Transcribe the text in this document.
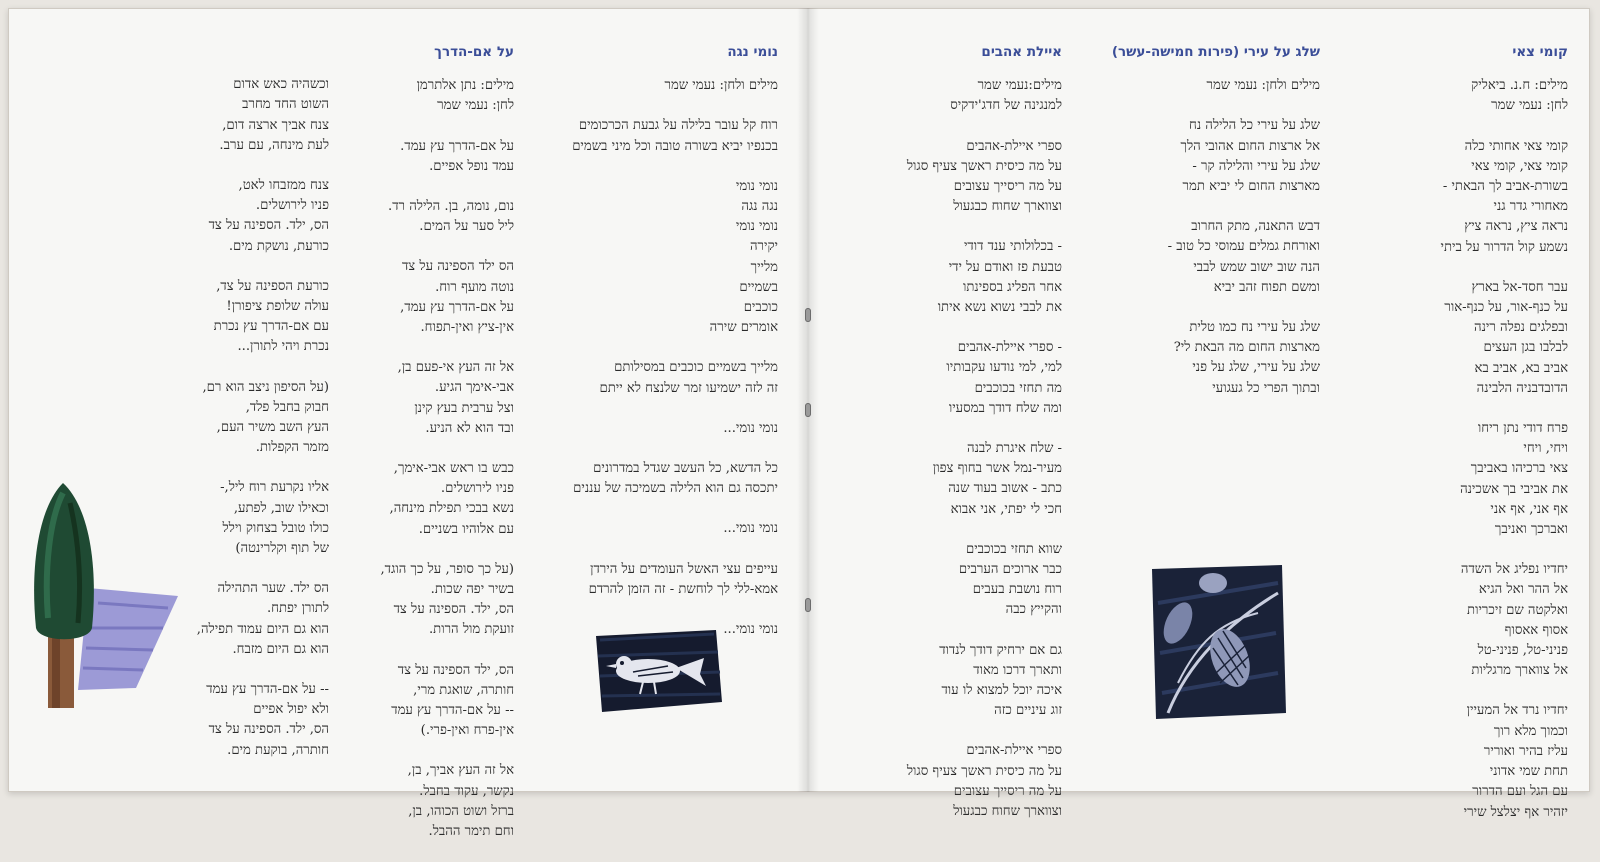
על אם-הדרך
מילים: נתן אלתרמן
לחן: נעמי שמר
על אם-הדרך עץ עמד.
עמד נופל אפיים.
נום, נומה, בן. הלילה רד.
ליל סער על המים.
הס ילד הספינה על צד
נוטה מועף רוח.
על אם-הדרך עץ עמד,
אין-ציץ ואין-תפוח.
אל זה העץ אי-פעם בן,
אבי-אימך הגיע.
וצל ערבית בעץ קינן
ובד הוא לא הניע.
כבש בו ראש אבי-אימך,
פניו לירושלים.
נשא בבכי תפילת מינחה,
עם אלוהיו בשניים.
(על כך סופר, על כך הוגד,
בשיר יפה שכות.
הס, ילד. הספינה על צד
זועקת מול הרות.
הס, ילד הספינה על צד
חותרה, שואגת מרי,
-- על אם-הדרך עץ עמד
אין-פרח ואין-פרי.)
אל זה העץ אביך, בן,
נקשר, עקוד בחבל.
ברזל ושוט הכוהו, בן,
וחם תימר ההבל.
וכשהיה כאש אדום
השוט החד מחרב
צנח אביך ארצה דום,
לעת מינחה, עם ערב.
צנח ממזבחו לאט,
פניו לירושלים.
הס, ילד. הספינה על צד
כורעת, נושקת מים.
כורעת הספינה על צד,
עולה שלופת ציפורן!
עם אם-הדרך עץ נכרת
נכרת ויהי לתורן...
(על הסיפון ניצב הוא רם,
חבוק בחבל פלד,
העץ השב משיר העם,
מזמר הקפלות.
אליו נקרעת רוח ליל,-
וכאילו שוב, לפתע,
כולו טובל בצחוק וילל
של תוף וקלרינטה)
הס ילד. שער התהילה
לתורן יפתח.
הוא גם היום עמוד תפילה,
הוא גם היום מזבח.
-- על אם-הדרך עץ עמד
ולא יפול אפיים
הס, ילד. הספינה על צד
חותרה, בוקעת מים.
נומי נגה
מילים ולחן: נעמי שמר
רוח קל עובר בלילה על גבעת הכרכומים
בכנפיו יביא בשורה טובה וכל מיני בשמים
נומי נומי
נגה נגה
נומי נומי
יקירה
מלייך
בשמיים
כוכבים
אומרים שירה
מלייך בשמיים כוכבים במסילותם
זה לזה ישמיעו זמר שלנצח לא ייתם
נומי נומי...
כל הדשא, כל העשב שגדל במדרונים
יתכסה גם הוא הלילה בשמיכה של עננים
נומי נומי...
עייפים עצי האשל העומדים על הירדן
אמא-ללי לך לוחשת - זה הזמן להרדם
נומי נומי...
איילת אהבים
מילים:נעמי שמר
למנגינה של חדג'ידקיס
ספרי איילת-אהבים
על מה כיסית ראשך צעיף סגול
על מה ריסייך עצובים
וצווארך שחוח כבגעול
- בכלולותי ענד דודי
טבעת פז ואודם על ידי
אחר הפליג בספינתו
את לבבי נשוא נשא איתו
- ספרי איילת-אהבים
למי, למי נודעו עקבותיו
מה תחזי בכוכבים
ומה שלח דודך במסעיו
- שלח איגרת לבנה
מעיר-נמל אשר בחוף צפון
כתב - אשוב בעוד שנה
חכי לי יפתי, אני אבוא
שווא תחזי בכוכבים
כבר ארוכים הערבים
רוח נושבת בעבים
והקייץ כבה
גם אם ירחיק דודך לנדוד
ותארך דרכו מאוד
איכה יוכל למצוא לו עוד
זוג עיניים כזה
ספרי איילת-אהבים
על מה כיסית ראשך צעיף סגול
על מה ריסייך עצובים
וצווארך שחוח כבגעול
שלג על עירי (פירות חמישה-עשר)
מילים ולחן: נעמי שמר
שלג על עירי כל הלילה נח
אל ארצות החום אהובי הלך
שלג על עירי והלילה קר -
מארצות החום לי יביא תמר
דבש התאנה, מתק החרוב
ואורחת גמלים עמוסי כל טוב -
הנה שוב ישוב שמש לבבי
ומשם תפוח זהב יביא
שלג על עירי נח כמו טלית
מארצות החום מה הבאת לי?
שלג על עירי, שלג על פני
ובתוך הפרי כל געגועי
קומי צאי
מילים: ח.נ. ביאליק
לחן: נעמי שמר
קומי צאי אחותי כלה
קומי צאי, קומי צאי
בשורת-אביב לך הבאתי -
מאחורי גדר גני
נראה ציץ, נראה ציץ
נשמע קול הדרור על ביתי
עבר חסד-אל בארץ
על כנף-אור, על כנף-אור
ובפלגים נפלה רינה
לבלבו בגן העצים
אביב בא, אביב בא
הדובדבניה הלבינה
פרח דודי נתן ריחו
ויחי, ויחי
צאי ברכיהו באביבך
את אביבי בך אשכינה
אף אני, אף אני
ואברכך ואניבך
יחדיו נפליג אל השדה
אל ההר ואל הגיא
ואלקטה שם זיכריות
אסוף אאסוף
פניני-טל, פניני-טל
אל צווארך מרגליות
יחדיו נרד אל המעיין
וכמוך מלא רוך
עליז בהיר ואוריר
תחת שמי אדוני
עם הגל ועם הדרור
יזהיר אף יצלצל שירי
